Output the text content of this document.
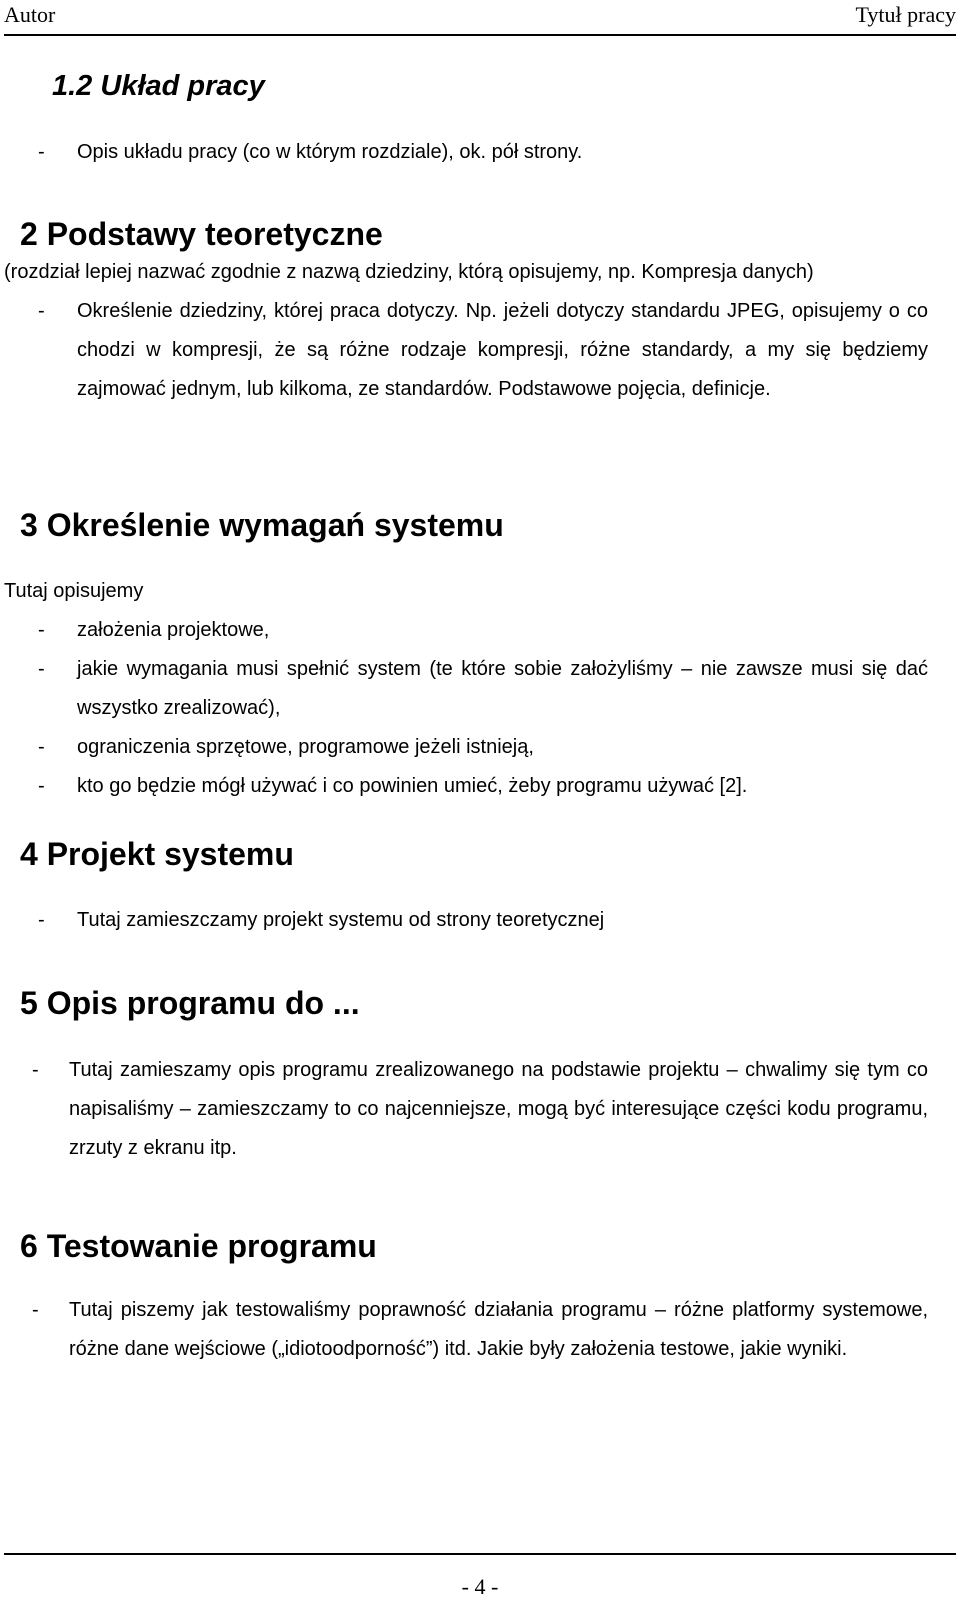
Autor	Tytuł pracy
1.2 Układ pracy
- Opis układu pracy (co w którym rozdziale), ok. pół strony.
2 Podstawy teoretyczne
(rozdział lepiej nazwać zgodnie z nazwą dziedziny, którą opisujemy, np. Kompresja danych)
- Określenie dziedziny, której praca dotyczy. Np. jeżeli dotyczy standardu JPEG, opisujemy o co chodzi w kompresji, że są różne rodzaje kompresji, różne standardy, a my się będziemy zajmować jednym, lub kilkoma, ze standardów. Podstawowe pojęcia, definicje.
3 Określenie wymagań systemu
Tutaj opisujemy
- założenia projektowe,
- jakie wymagania musi spełnić system (te które sobie założyliśmy – nie zawsze musi się dać wszystko zrealizować),
- ograniczenia sprzętowe, programowe jeżeli istnieją,
- kto go będzie mógł używać i co powinien umieć, żeby programu używać [2].
4 Projekt systemu
- Tutaj zamieszczamy projekt systemu od strony teoretycznej
5 Opis programu do ...
- Tutaj zamieszamy opis programu zrealizowanego na podstawie projektu – chwalimy się tym co napisaliśmy – zamieszczamy to co najcenniejsze, mogą być interesujące części kodu programu, zrzuty z ekranu itp.
6 Testowanie programu
- Tutaj piszemy jak testowaliśmy poprawność działania programu – różne platformy systemowe, różne dane wejściowe („idiotoodporność”) itd. Jakie były założenia testowe, jakie wyniki.
- 4 -
